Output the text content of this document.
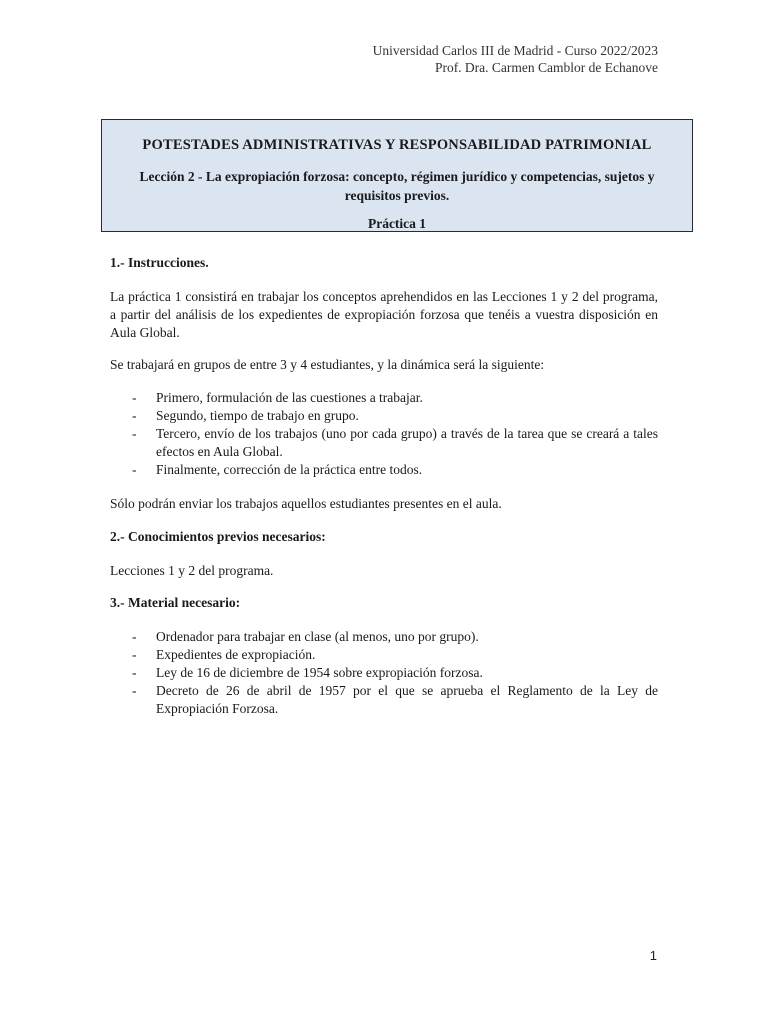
Universidad Carlos III de Madrid - Curso 2022/2023
Prof. Dra. Carmen Camblor de Echanove
POTESTADES ADMINISTRATIVAS Y RESPONSABILIDAD PATRIMONIAL
Lección 2 - La expropiación forzosa: concepto, régimen jurídico y competencias, sujetos y requisitos previos.
Práctica 1

1.- Instrucciones.

La práctica 1 consistirá en trabajar los conceptos aprehendidos en las Lecciones 1 y 2 del programa, a partir del análisis de los expedientes de expropiación forzosa que tenéis a vuestra disposición en Aula Global.

Se trabajará en grupos de entre 3 y 4 estudiantes, y la dinámica será la siguiente:

- Primero, formulación de las cuestiones a trabajar.
- Segundo, tiempo de trabajo en grupo.
- Tercero, envío de los trabajos (uno por cada grupo) a través de la tarea que se creará a tales efectos en Aula Global.
- Finalmente, corrección de la práctica entre todos.

Sólo podrán enviar los trabajos aquellos estudiantes presentes en el aula.

2.- Conocimientos previos necesarios:

Lecciones 1 y 2 del programa.

3.- Material necesario:

- Ordenador para trabajar en clase (al menos, uno por grupo).
- Expedientes de expropiación.
- Ley de 16 de diciembre de 1954 sobre expropiación forzosa.
- Decreto de 26 de abril de 1957 por el que se aprueba el Reglamento de la Ley de Expropiación Forzosa.
1
